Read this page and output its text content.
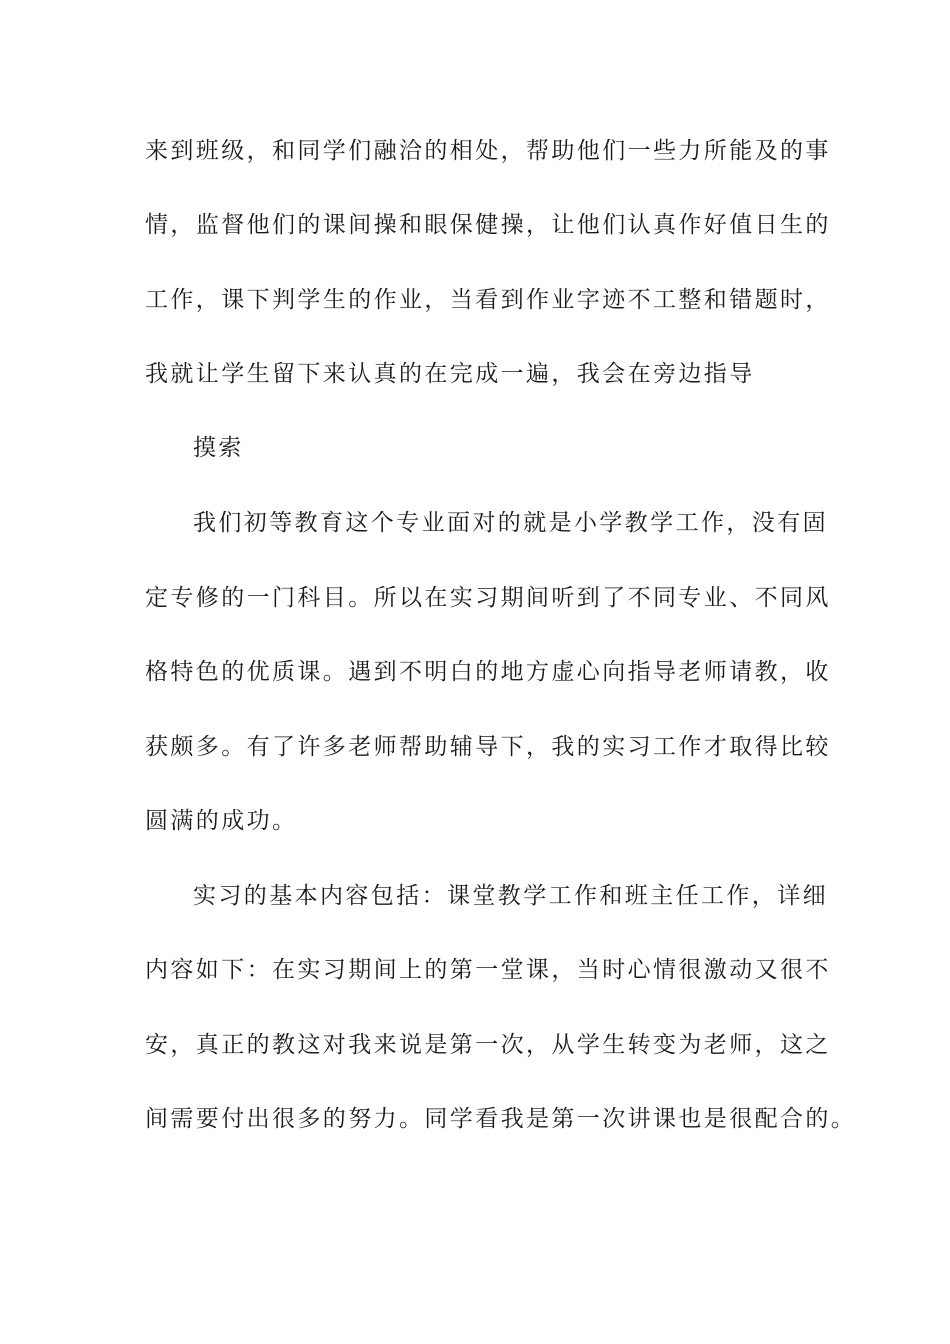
来到班级，和同学们融洽的相处，帮助他们一些力所能及的事
情，监督他们的课间操和眼保健操，让他们认真作好值日生的
工作，课下判学生的作业，当看到作业字迹不工整和错题时，
我就让学生留下来认真的在完成一遍，我会在旁边指导
摸索
我们初等教育这个专业面对的就是小学教学工作，没有固
定专修的一门科目。所以在实习期间听到了不同专业、不同风
格特色的优质课。遇到不明白的地方虚心向指导老师请教，收
获颇多。有了许多老师帮助辅导下，我的实习工作才取得比较
圆满的成功。
实习的基本内容包括：课堂教学工作和班主任工作，详细
内容如下：在实习期间上的第一堂课，当时心情很激动又很不
安，真正的教这对我来说是第一次，从学生转变为老师，这之
间需要付出很多的努力。同学看我是第一次讲课也是很配合的。
